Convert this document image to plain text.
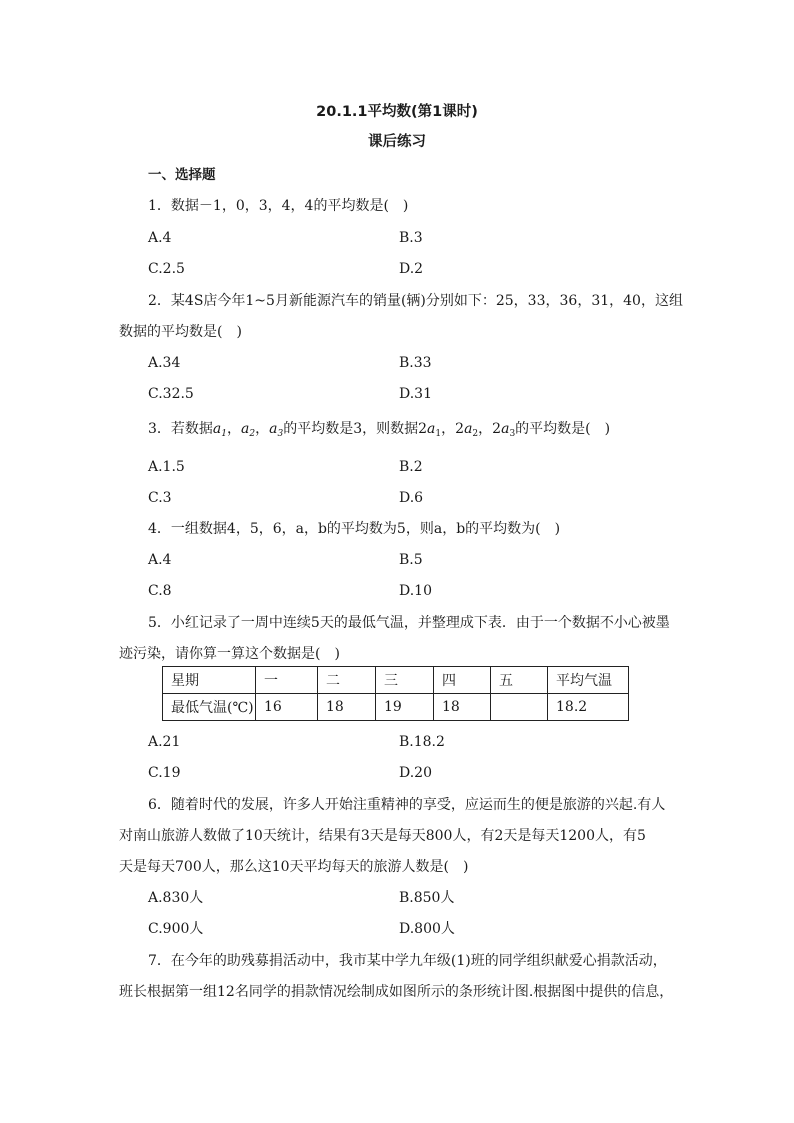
20.1.1平均数(第1课时)
课后练习
一、选择题
1．数据－1，0，3，4，4的平均数是(　)
A.4	B.3
C.2.5	D.2
2．某4S店今年1~5月新能源汽车的销量(辆)分别如下：25，33，36，31，40，这组
数据的平均数是(　)
A.34	B.33
C.32.5	D.31
3．若数据$a_1$，$a_2$，$a_3$的平均数是3，则数据$2a_1$，$2a_2$，$2a_3$的平均数是(　)
A.1.5	B.2
C.3	D.6
4．一组数据4，5，6，a，b的平均数为5，则a，b的平均数为(　)
A.4	B.5
C.8	D.10
5．小红记录了一周中连续5天的最低气温，并整理成下表．由于一个数据不小心被墨
迹污染，请你算一算这个数据是(　)
星期	一	二	三	四	五	平均气温
最低气温(℃)	16	18	19	18		18.2
A.21	B.18.2
C.19	D.20
6．随着时代的发展，许多人开始注重精神的享受，应运而生的便是旅游的兴起.有人
对南山旅游人数做了10天统计，结果有3天是每天800人，有2天是每天1200人，有5
天是每天700人，那么这10天平均每天的旅游人数是(　)
A.830人	B.850人
C.900人	D.800人
7．在今年的助残募捐活动中，我市某中学九年级(1)班的同学组织献爱心捐款活动，
班长根据第一组12名同学的捐款情况绘制成如图所示的条形统计图.根据图中提供的信息，
